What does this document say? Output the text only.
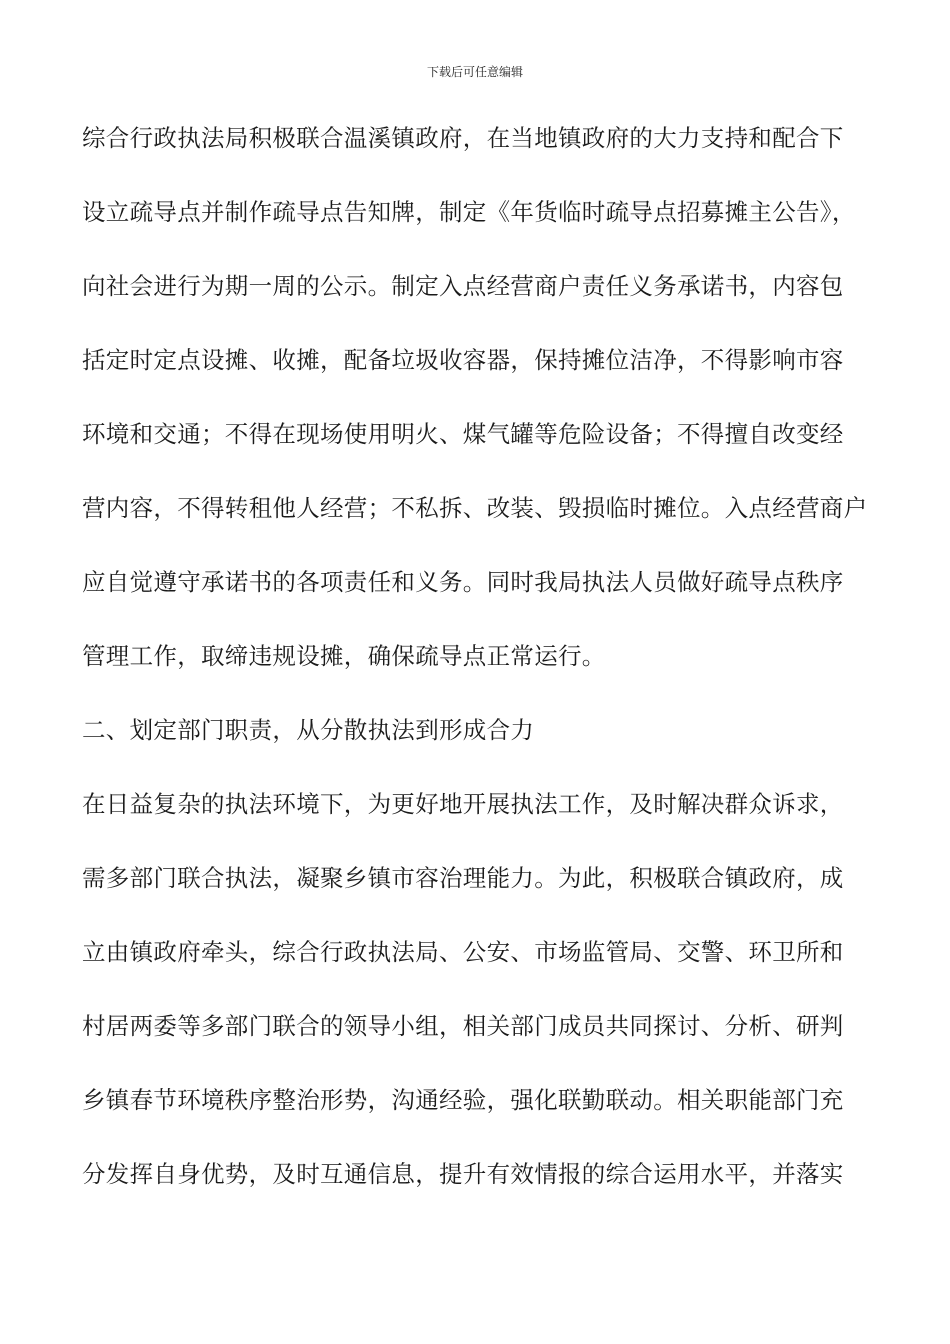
下载后可任意编辑
综合行政执法局积极联合温溪镇政府，在当地镇政府的大力支持和配合下
设立疏导点并制作疏导点告知牌，制定《年货临时疏导点招募摊主公告》，
向社会进行为期一周的公示。制定入点经营商户责任义务承诺书，内容包
括定时定点设摊、收摊，配备垃圾收容器，保持摊位洁净，不得影响市容
环境和交通；不得在现场使用明火、煤气罐等危险设备；不得擅自改变经
营内容，不得转租他人经营；不私拆、改装、毁损临时摊位。入点经营商户
应自觉遵守承诺书的各项责任和义务。同时我局执法人员做好疏导点秩序
管理工作，取缔违规设摊，确保疏导点正常运行。
二、划定部门职责，从分散执法到形成合力
在日益复杂的执法环境下，为更好地开展执法工作，及时解决群众诉求，
需多部门联合执法，凝聚乡镇市容治理能力。为此，积极联合镇政府，成
立由镇政府牵头，综合行政执法局、公安、市场监管局、交警、环卫所和
村居两委等多部门联合的领导小组，相关部门成员共同探讨、分析、研判
乡镇春节环境秩序整治形势，沟通经验，强化联勤联动。相关职能部门充
分发挥自身优势，及时互通信息，提升有效情报的综合运用水平，并落实
